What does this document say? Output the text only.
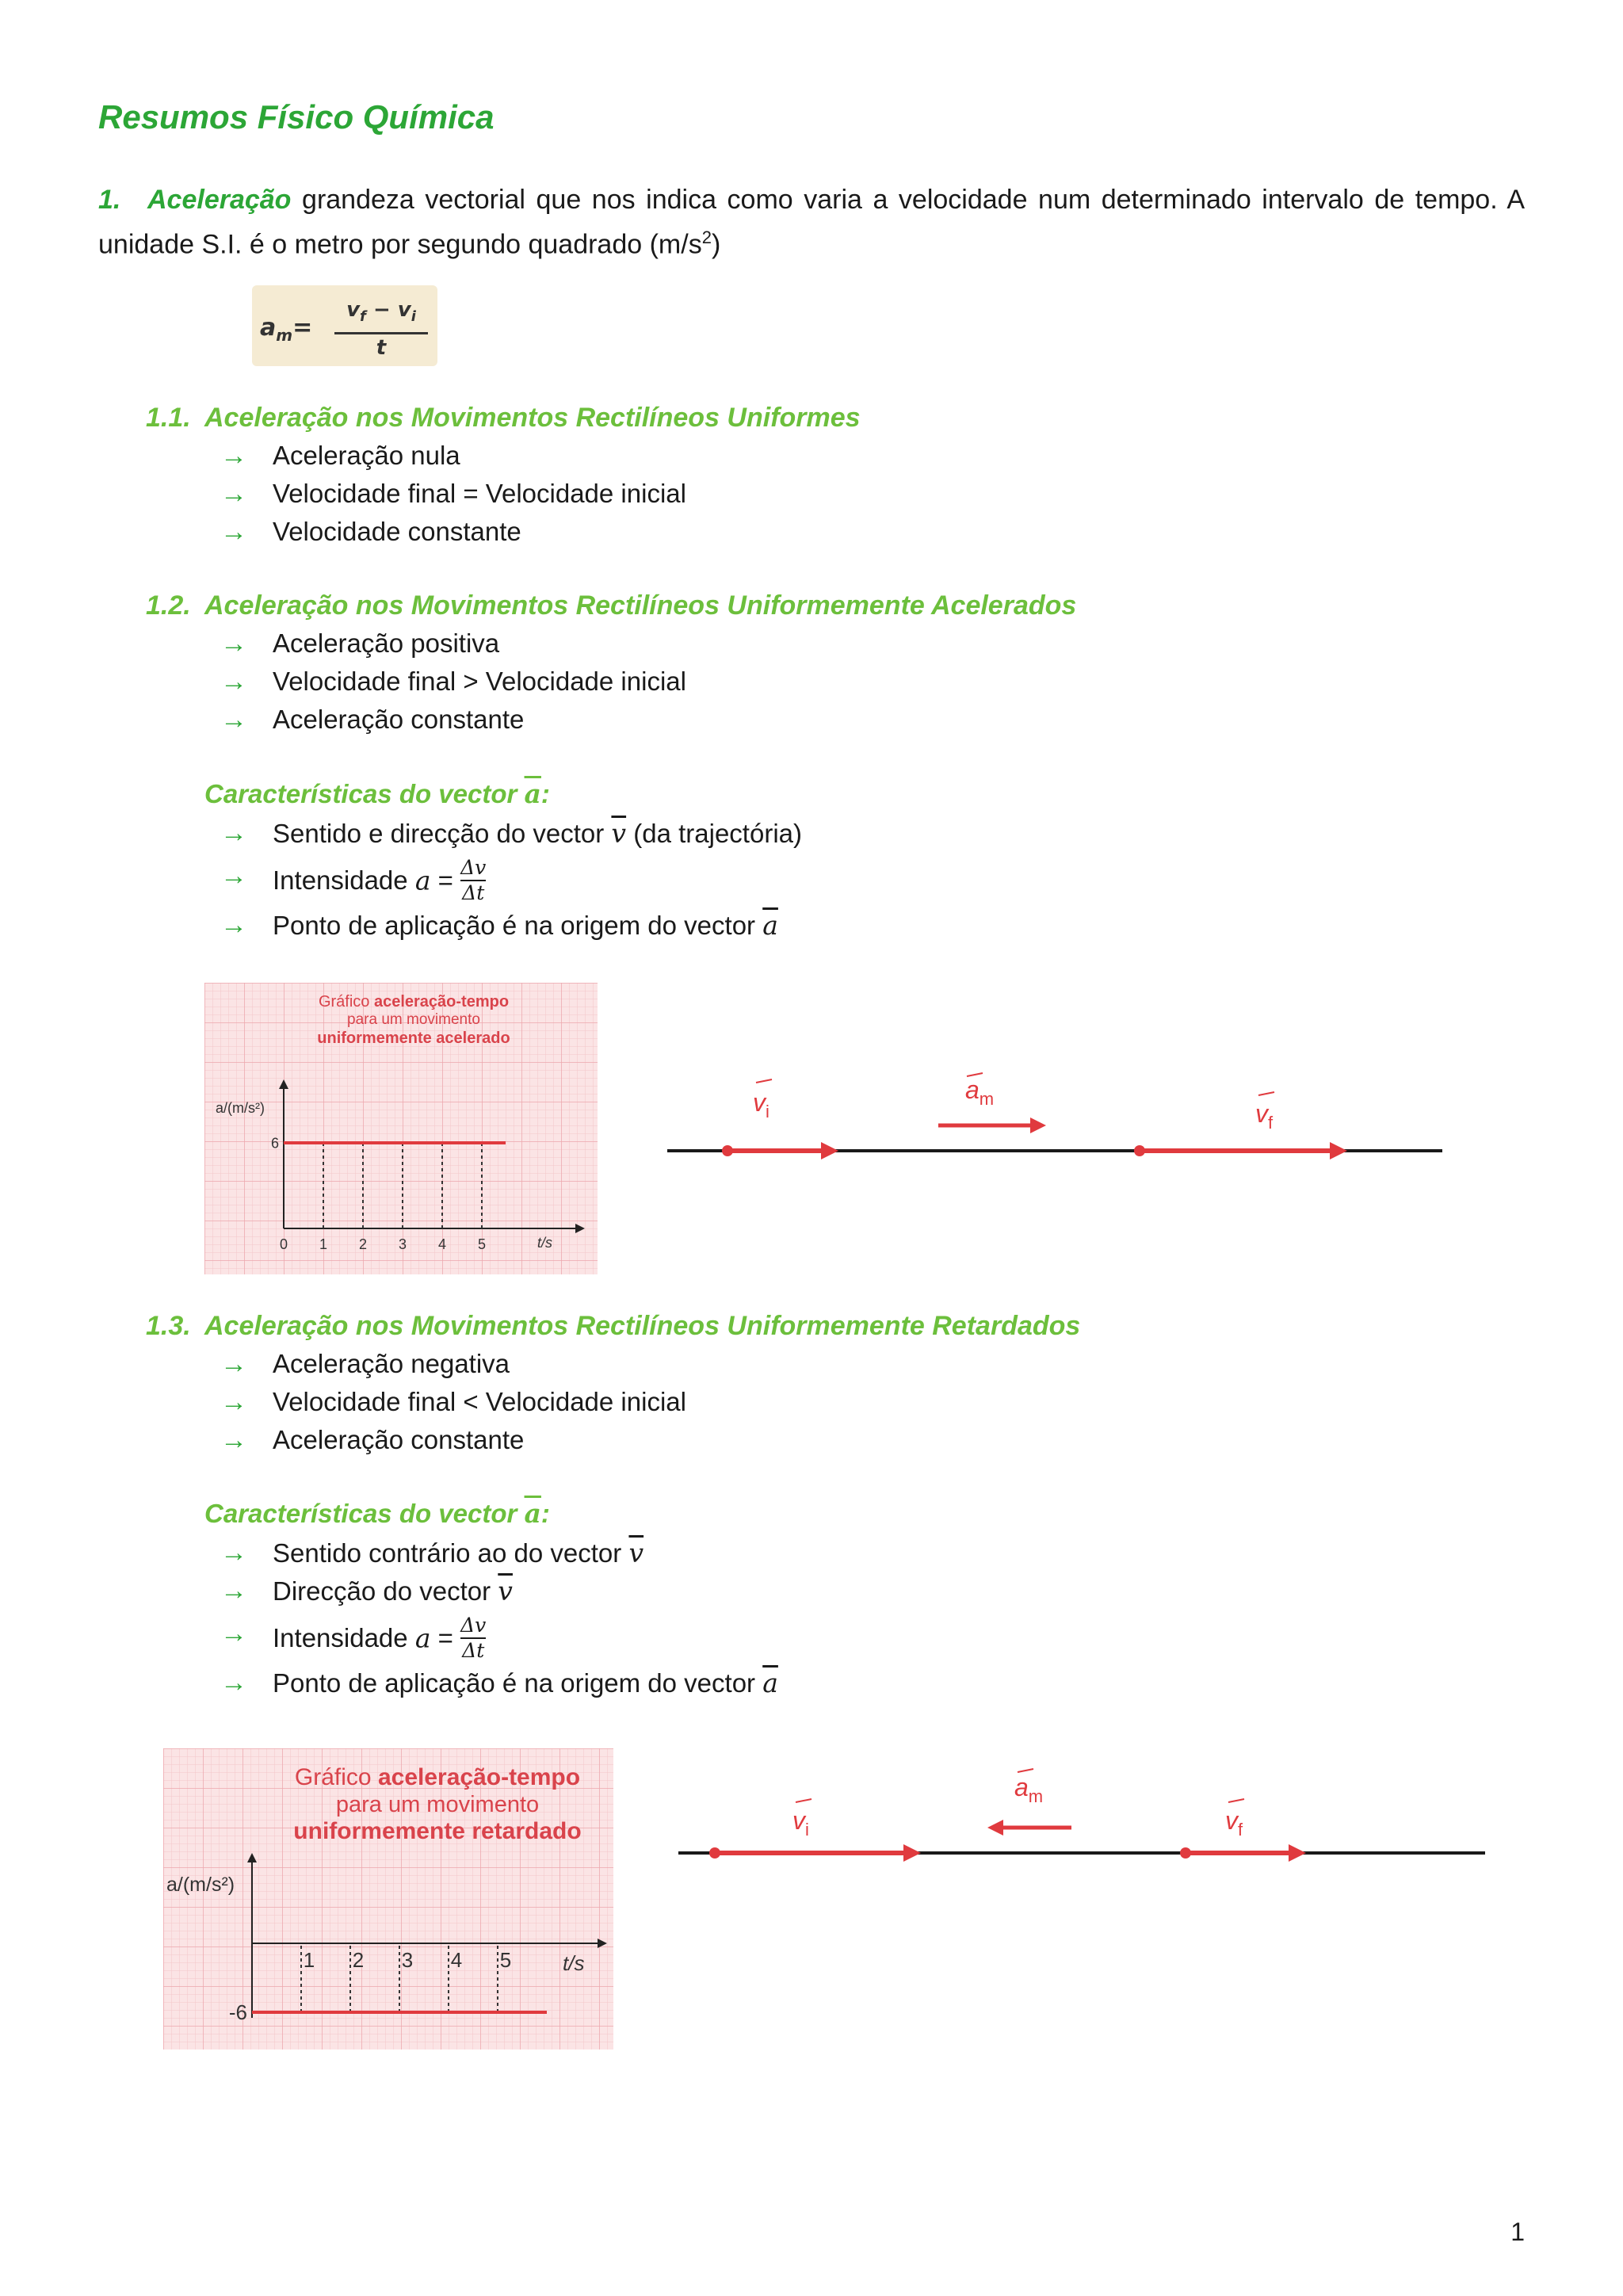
Resumos Físico Química
1. Aceleração grandeza vectorial que nos indica como varia a velocidade num determinado intervalo de tempo. A unidade S.I. é o metro por segundo quadrado $(m/s^2)$
$a_m= \frac{v_f - v_i}{t}$
1.1. Aceleração nos Movimentos Rectilíneos Uniformes
→ Aceleração nula
→ Velocidade final = Velocidade inicial
→ Velocidade constante
1.2. Aceleração nos Movimentos Rectilíneos Uniformemente Acelerados
→ Aceleração positiva
→ Velocidade final > Velocidade inicial
→ Aceleração constante
Características do vector $\overline{a}$:
→ Sentido e direcção do vector $\overline{v}$ (da trajectória)
→ Intensidade $a = \frac{\Delta v}{\Delta t}$
→ Ponto de aplicação é na origem do vector $\overline{a}$
Gráfico aceleração-tempo
para um movimento
uniformemente acelerado
a/(m/s²)
t/s
0 1 2 3 4 5
6
$v_i$
$a_m$
$v_f$
1.3. Aceleração nos Movimentos Rectilíneos Uniformemente Retardados
→ Aceleração negativa
→ Velocidade final < Velocidade inicial
→ Aceleração constante
Características do vector $\overline{a}$:
→ Sentido contrário ao do vector $\overline{v}$
→ Direcção do vector $\overline{v}$
→ Intensidade $a = \frac{\Delta v}{\Delta t}$
→ Ponto de aplicação é na origem do vector $\overline{a}$
Gráfico aceleração-tempo
para um movimento
uniformemente retardado
a/(m/s²)
t/s
1 2 3 4 5
-6
$v_i$
$a_m$
$v_f$
1
